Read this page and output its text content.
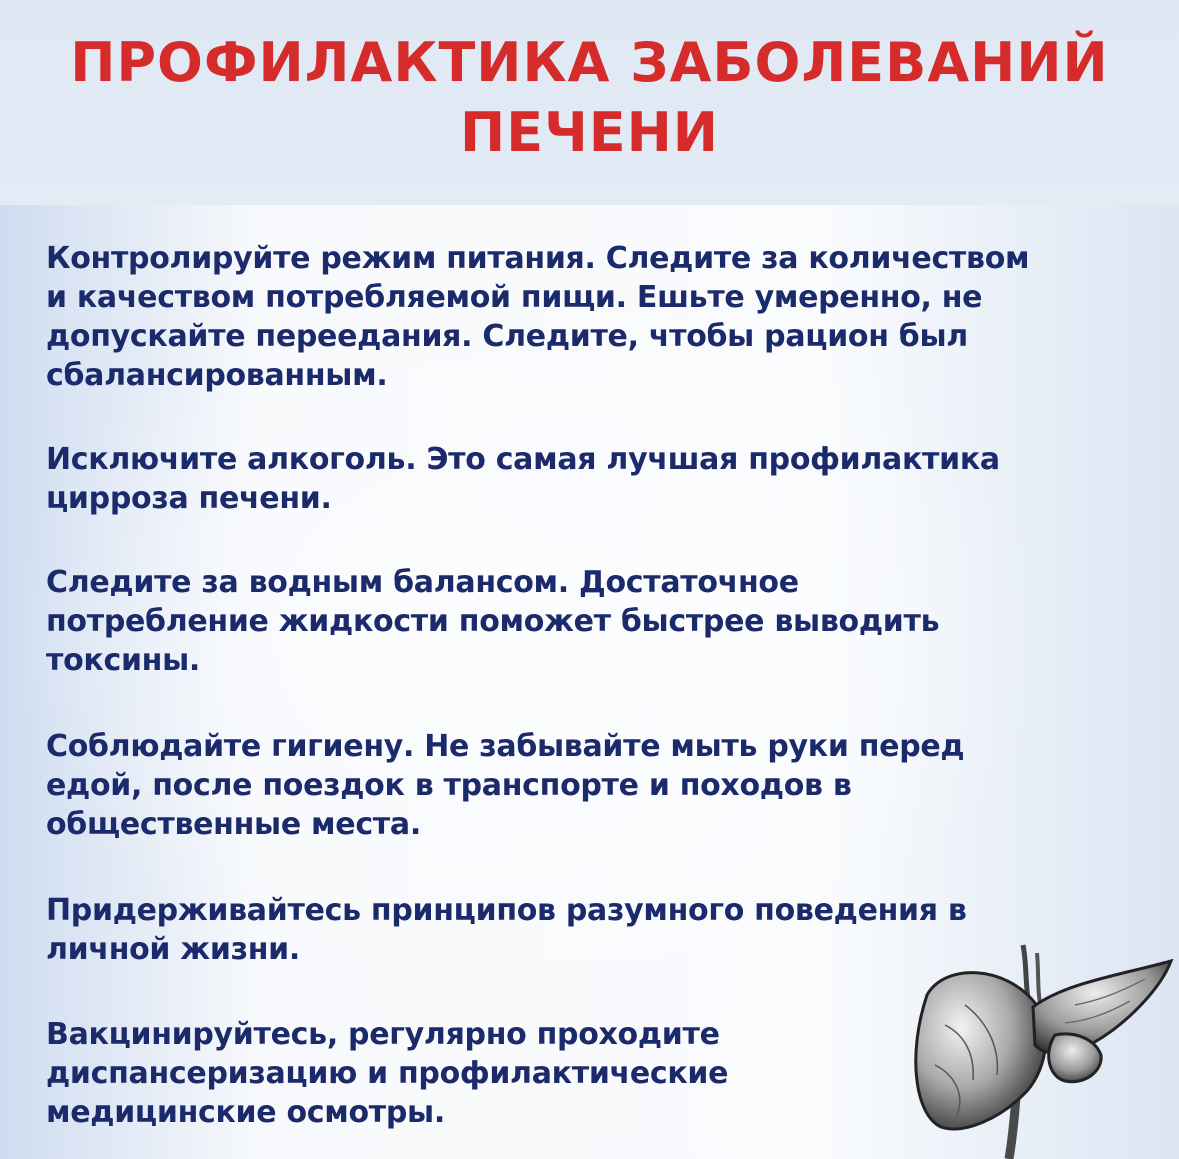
ПРОФИЛАКТИКА ЗАБОЛЕВАНИЙ
ПЕЧЕНИ

Контролируйте режим питания. Следите за количеством
и качеством потребляемой пищи. Ешьте умеренно, не
допускайте переедания. Следите, чтобы рацион был
сбалансированным.

Исключите алкоголь. Это самая лучшая профилактика
цирроза печени.

Следите за водным балансом. Достаточное
потребление жидкости поможет быстрее выводить
токсины.

Соблюдайте гигиену. Не забывайте мыть руки перед
едой, после поездок в транспорте и походов в
общественные места.

Придерживайтесь принципов разумного поведения в
личной жизни.

Вакцинируйтесь, регулярно проходите
диспансеризацию и профилактические
медицинские осмотры.
